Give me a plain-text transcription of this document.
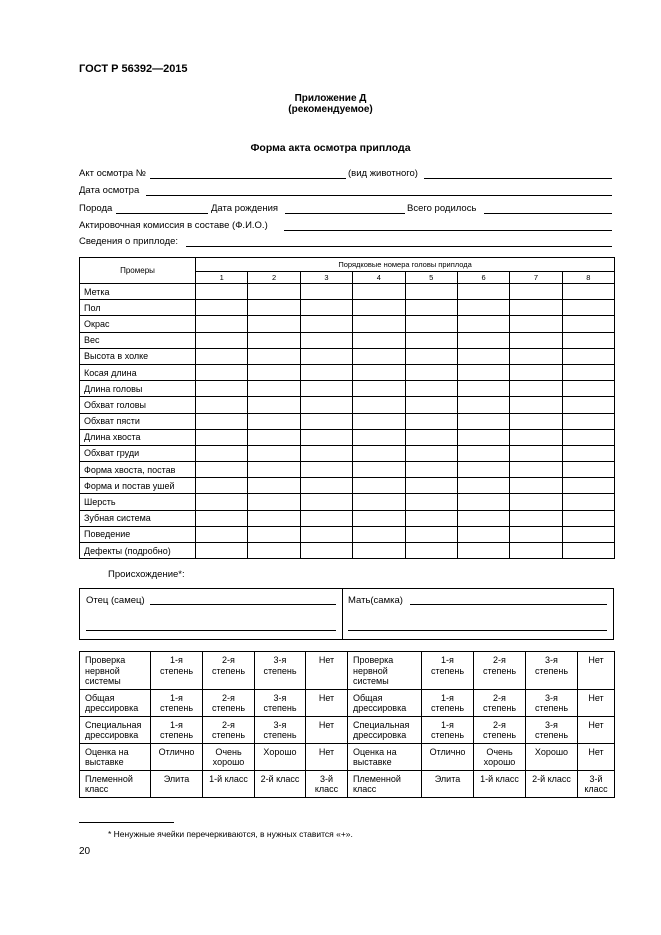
ГОСТ Р 56392—2015
Приложение Д
(рекомендуемое)
Форма акта осмотра приплода
Акт осмотра №	(вид животного)
Дата осмотра
Порода	Дата рождения	Всего родилось
Актировочная комиссия в составе (Ф.И.О.)
Сведения о приплоде:
Промеры	Порядковые номера головы приплода							
	1	2	3	4	5	6	7	8
Метка								
Пол								
Окрас								
Вес								
Высота в холке								
Косая длина								
Длина головы								
Обхват головы								
Обхват пясти								
Длина хвоста								
Обхват груди								
Форма хвоста, постав								
Форма и постав ушей								
Шерсть								
Зубная система								
Поведение								
Дефекты (подробно)								
Происхождение*:
Отец (самец)	Мать(самка)
Проверка нервной системы	1-я степень	2-я степень	3-я степень	Нет	Проверка нервной системы	1-я степень	2-я степень	3-я степень	Нет
Общая дрессировка	1-я степень	2-я степень	3-я степень	Нет	Общая дрессировка	1-я степень	2-я степень	3-я степень	Нет
Специальная дрессировка	1-я степень	2-я степень	3-я степень	Нет	Специальная дрессировка	1-я степень	2-я степень	3-я степень	Нет
Оценка на выставке	Отлично	Очень хорошо	Хорошо	Нет	Оценка на выставке	Отлично	Очень хорошо	Хорошо	Нет
Племенной класс	Элита	1-й класс	2-й класс	3-й класс	Племенной класс	Элита	1-й класс	2-й класс	3-й класс
* Ненужные ячейки перечеркиваются, в нужных ставится «+».
20
